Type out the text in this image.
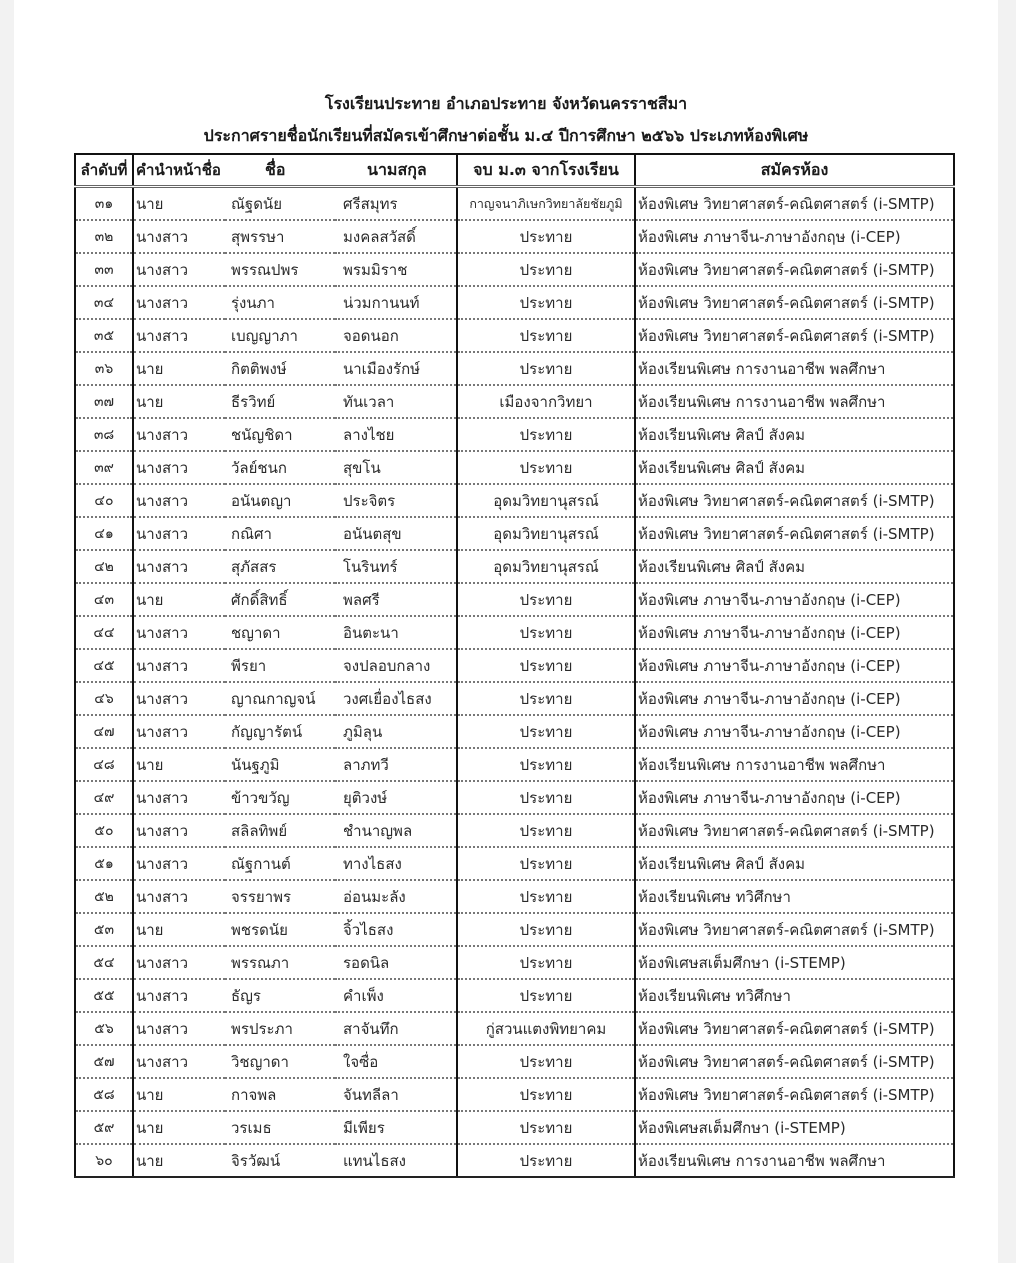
โรงเรียนประทาย อำเภอประทาย จังหวัดนครราชสีมา
ประกาศรายชื่อนักเรียนที่สมัครเข้าศึกษาต่อชั้น ม.๔ ปีการศึกษา ๒๕๖๖ ประเภทห้องพิเศษ
ลำดับที่	คำนำหน้าชื่อ	ชื่อ	นามสกุล	จบ ม.๓ จากโรงเรียน	สมัครห้อง
๓๑	นาย	ณัฐดนัย	ศรีสมุทร	กาญจนาภิเษกวิทยาลัยชัยภูมิ	ห้องพิเศษ วิทยาศาสตร์-คณิตศาสตร์ (i-SMTP)
๓๒	นางสาว	สุพรรษา	มงคลสวัสดิ์	ประทาย	ห้องพิเศษ ภาษาจีน-ภาษาอังกฤษ (i-CEP)
๓๓	นางสาว	พรรณปพร	พรมมิราช	ประทาย	ห้องพิเศษ วิทยาศาสตร์-คณิตศาสตร์ (i-SMTP)
๓๔	นางสาว	รุ่งนภา	น่วมกานนท์	ประทาย	ห้องพิเศษ วิทยาศาสตร์-คณิตศาสตร์ (i-SMTP)
๓๕	นางสาว	เบญญาภา	จอดนอก	ประทาย	ห้องพิเศษ วิทยาศาสตร์-คณิตศาสตร์ (i-SMTP)
๓๖	นาย	กิตติพงษ์	นาเมืองรักษ์	ประทาย	ห้องเรียนพิเศษ การงานอาชีพ พลศึกษา
๓๗	นาย	ธีรวิทย์	ทันเวลา	เมืองจากวิทยา	ห้องเรียนพิเศษ การงานอาชีพ พลศึกษา
๓๘	นางสาว	ชนัญชิดา	ลางไชย	ประทาย	ห้องเรียนพิเศษ ศิลป์ สังคม
๓๙	นางสาว	วัลย์ชนก	สุขโน	ประทาย	ห้องเรียนพิเศษ ศิลป์ สังคม
๔๐	นางสาว	อนันตญา	ประจิตร	อุดมวิทยานุสรณ์	ห้องพิเศษ วิทยาศาสตร์-คณิตศาสตร์ (i-SMTP)
๔๑	นางสาว	กณิศา	อนันตสุข	อุดมวิทยานุสรณ์	ห้องพิเศษ วิทยาศาสตร์-คณิตศาสตร์ (i-SMTP)
๔๒	นางสาว	สุภัสสร	โนรินทร์	อุดมวิทยานุสรณ์	ห้องเรียนพิเศษ ศิลป์ สังคม
๔๓	นาย	ศักดิ์สิทธิ์	พลศรี	ประทาย	ห้องพิเศษ ภาษาจีน-ภาษาอังกฤษ (i-CEP)
๔๔	นางสาว	ชญาดา	อินตะนา	ประทาย	ห้องพิเศษ ภาษาจีน-ภาษาอังกฤษ (i-CEP)
๔๕	นางสาว	พีรยา	จงปลอบกลาง	ประทาย	ห้องพิเศษ ภาษาจีน-ภาษาอังกฤษ (i-CEP)
๔๖	นางสาว	ญาณกาญจน์	วงศเยื่องไธสง	ประทาย	ห้องพิเศษ ภาษาจีน-ภาษาอังกฤษ (i-CEP)
๔๗	นางสาว	กัญญารัตน์	ภูมิลุน	ประทาย	ห้องพิเศษ ภาษาจีน-ภาษาอังกฤษ (i-CEP)
๔๘	นาย	นันฐภูมิ	ลาภทวี	ประทาย	ห้องเรียนพิเศษ การงานอาชีพ พลศึกษา
๔๙	นางสาว	ข้าวขวัญ	ยุติวงษ์	ประทาย	ห้องพิเศษ ภาษาจีน-ภาษาอังกฤษ (i-CEP)
๕๐	นางสาว	สลิลทิพย์	ชำนาญพล	ประทาย	ห้องพิเศษ วิทยาศาสตร์-คณิตศาสตร์ (i-SMTP)
๕๑	นางสาว	ณัฐกานต์	ทางไธสง	ประทาย	ห้องเรียนพิเศษ ศิลป์ สังคม
๕๒	นางสาว	จรรยาพร	อ่อนมะลัง	ประทาย	ห้องเรียนพิเศษ ทวิศึกษา
๕๓	นาย	พชรดนัย	จิ้วไธสง	ประทาย	ห้องพิเศษ วิทยาศาสตร์-คณิตศาสตร์ (i-SMTP)
๕๔	นางสาว	พรรณภา	รอดนิล	ประทาย	ห้องพิเศษสเต็มศึกษา (i-STEMP)
๕๕	นางสาว	ธัญร	คำเพ็ง	ประทาย	ห้องเรียนพิเศษ ทวิศึกษา
๕๖	นางสาว	พรประภา	สาจันทึก	กู่สวนแตงพิทยาคม	ห้องพิเศษ วิทยาศาสตร์-คณิตศาสตร์ (i-SMTP)
๕๗	นางสาว	วิชญาดา	ใจซื่อ	ประทาย	ห้องพิเศษ วิทยาศาสตร์-คณิตศาสตร์ (i-SMTP)
๕๘	นาย	กาจพล	จันทลีลา	ประทาย	ห้องพิเศษ วิทยาศาสตร์-คณิตศาสตร์ (i-SMTP)
๕๙	นาย	วรเมธ	มีเพียร	ประทาย	ห้องพิเศษสเต็มศึกษา (i-STEMP)
๖๐	นาย	จิรวัฒน์	แทนไธสง	ประทาย	ห้องเรียนพิเศษ การงานอาชีพ พลศึกษา
